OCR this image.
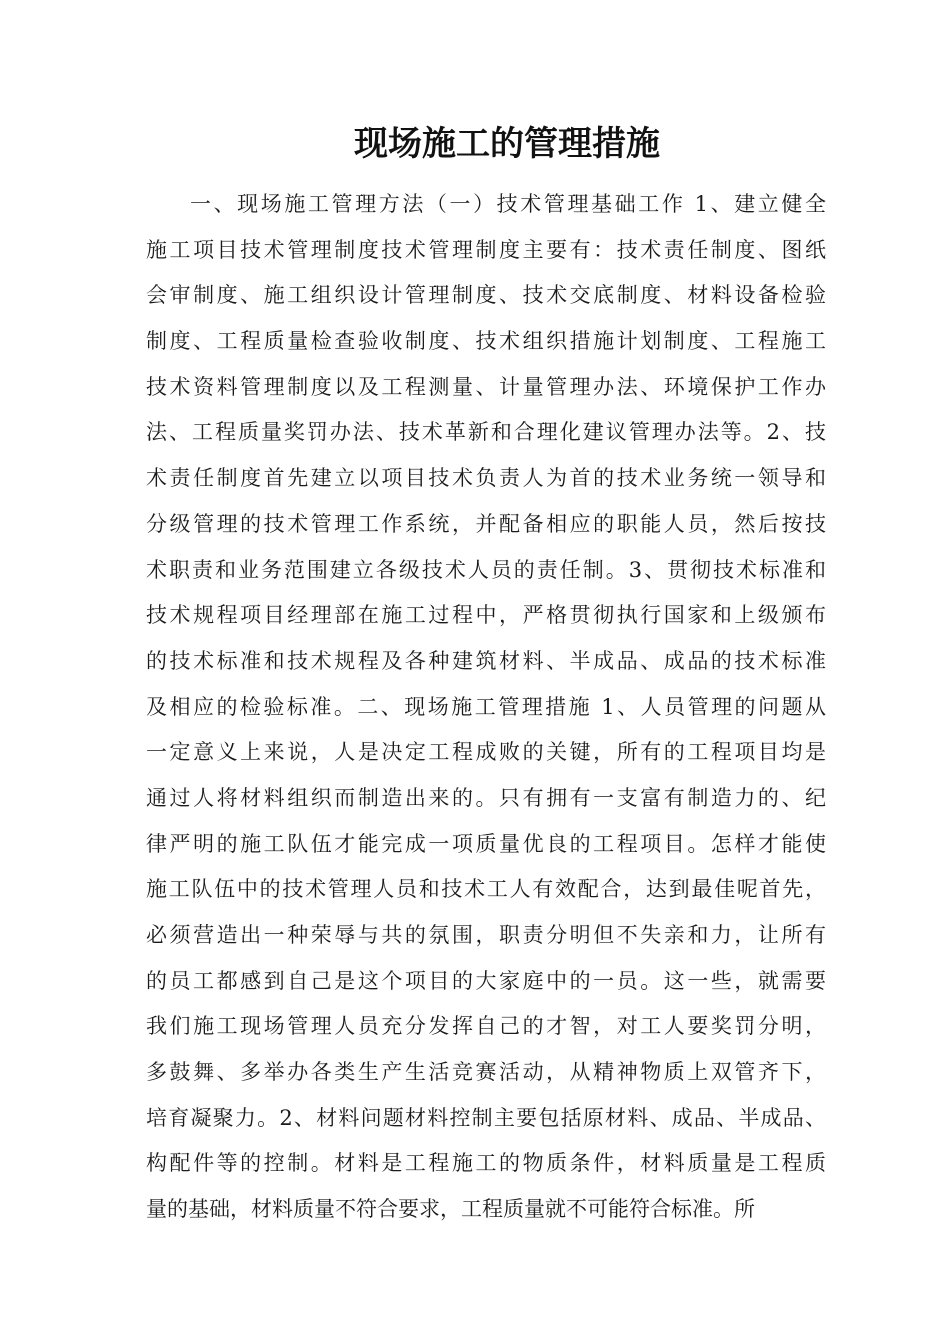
现场施工的管理措施
一、现场施工管理方法（一）技术管理基础工作 1、建立健全
施工项目技术管理制度技术管理制度主要有：技术责任制度、图纸
会审制度、施工组织设计管理制度、技术交底制度、材料设备检验
制度、工程质量检查验收制度、技术组织措施计划制度、工程施工
技术资料管理制度以及工程测量、计量管理办法、环境保护工作办
法、工程质量奖罚办法、技术革新和合理化建议管理办法等。2、技
术责任制度首先建立以项目技术负责人为首的技术业务统一领导和
分级管理的技术管理工作系统，并配备相应的职能人员，然后按技
术职责和业务范围建立各级技术人员的责任制。3、贯彻技术标准和
技术规程项目经理部在施工过程中，严格贯彻执行国家和上级颁布
的技术标准和技术规程及各种建筑材料、半成品、成品的技术标准
及相应的检验标准。二、现场施工管理措施 1、人员管理的问题从
一定意义上来说，人是决定工程成败的关键，所有的工程项目均是
通过人将材料组织而制造出来的。只有拥有一支富有制造力的、纪
律严明的施工队伍才能完成一项质量优良的工程项目。怎样才能使
施工队伍中的技术管理人员和技术工人有效配合，达到最佳呢首先，
必须营造出一种荣辱与共的氛围，职责分明但不失亲和力，让所有
的员工都感到自己是这个项目的大家庭中的一员。这一些，就需要
我们施工现场管理人员充分发挥自己的才智，对工人要奖罚分明，
多鼓舞、多举办各类生产生活竞赛活动，从精神物质上双管齐下，
培育凝聚力。2、材料问题材料控制主要包括原材料、成品、半成品、
构配件等的控制。材料是工程施工的物质条件，材料质量是工程质
量的基础，材料质量不符合要求，工程质量就不可能符合标准。所
